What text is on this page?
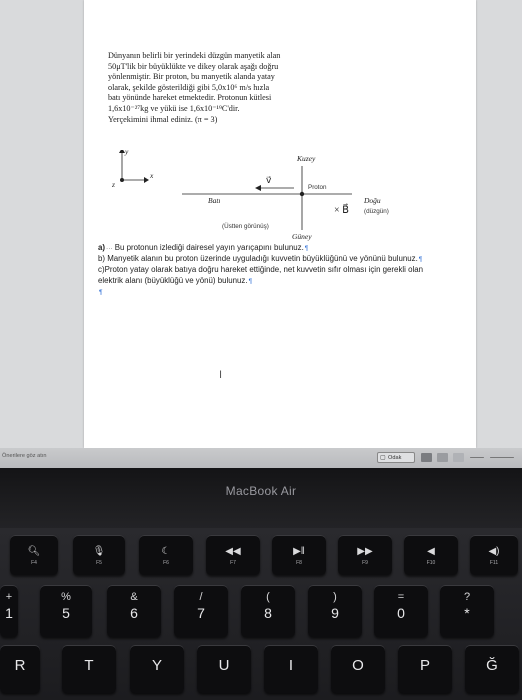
Dünyanın belirli bir yerindeki düzgün manyetik alan

50μT'lik bir büyüklükte ve dikey olarak aşağı doğru

yönlenmiştir. Bir proton, bu manyetik alanda yatay

olarak, şekilde gösterildiği gibi 5,0x10⁶ m/s hızla

batı yönünde hareket etmektedir. Protonun kütlesi

1,6x10⁻²⁷kg ve yükü ise 1,6x10⁻¹⁹C'dir.

Yerçekimini ihmal ediniz. (π = 3)

y
x
z
Kuzey
Güney
Doğu
Batı
Proton
v⃗
× B⃗ (düzgün)
(Üstten görünüş)

a)··· Bu protonun izlediği dairesel yayın yarıçapını bulunuz.¶

b) Manyetik alanın bu proton üzerinde uyguladığı kuvvetin büyüklüğünü ve yönünü bulunuz.¶

c)Proton yatay olarak batıya doğru hareket ettiğinde, net kuvvetin sıfır olması için gerekli olan elektrik alanı (büyüklüğü ve yönü) bulunuz.¶

¶

I
Önerilere göz atın	▢ Odak
MacBook Air
🔍︎
F4
🎙︎
F5
☾
F6
◀◀
F7
▶‖
F8
▶▶
F9
◀
F10
◀)
F11
+
1
%
5
&
6
/
7
(
8
)
9
=
0
?
*
R	T	Y	U	I	O	P	Ğ
